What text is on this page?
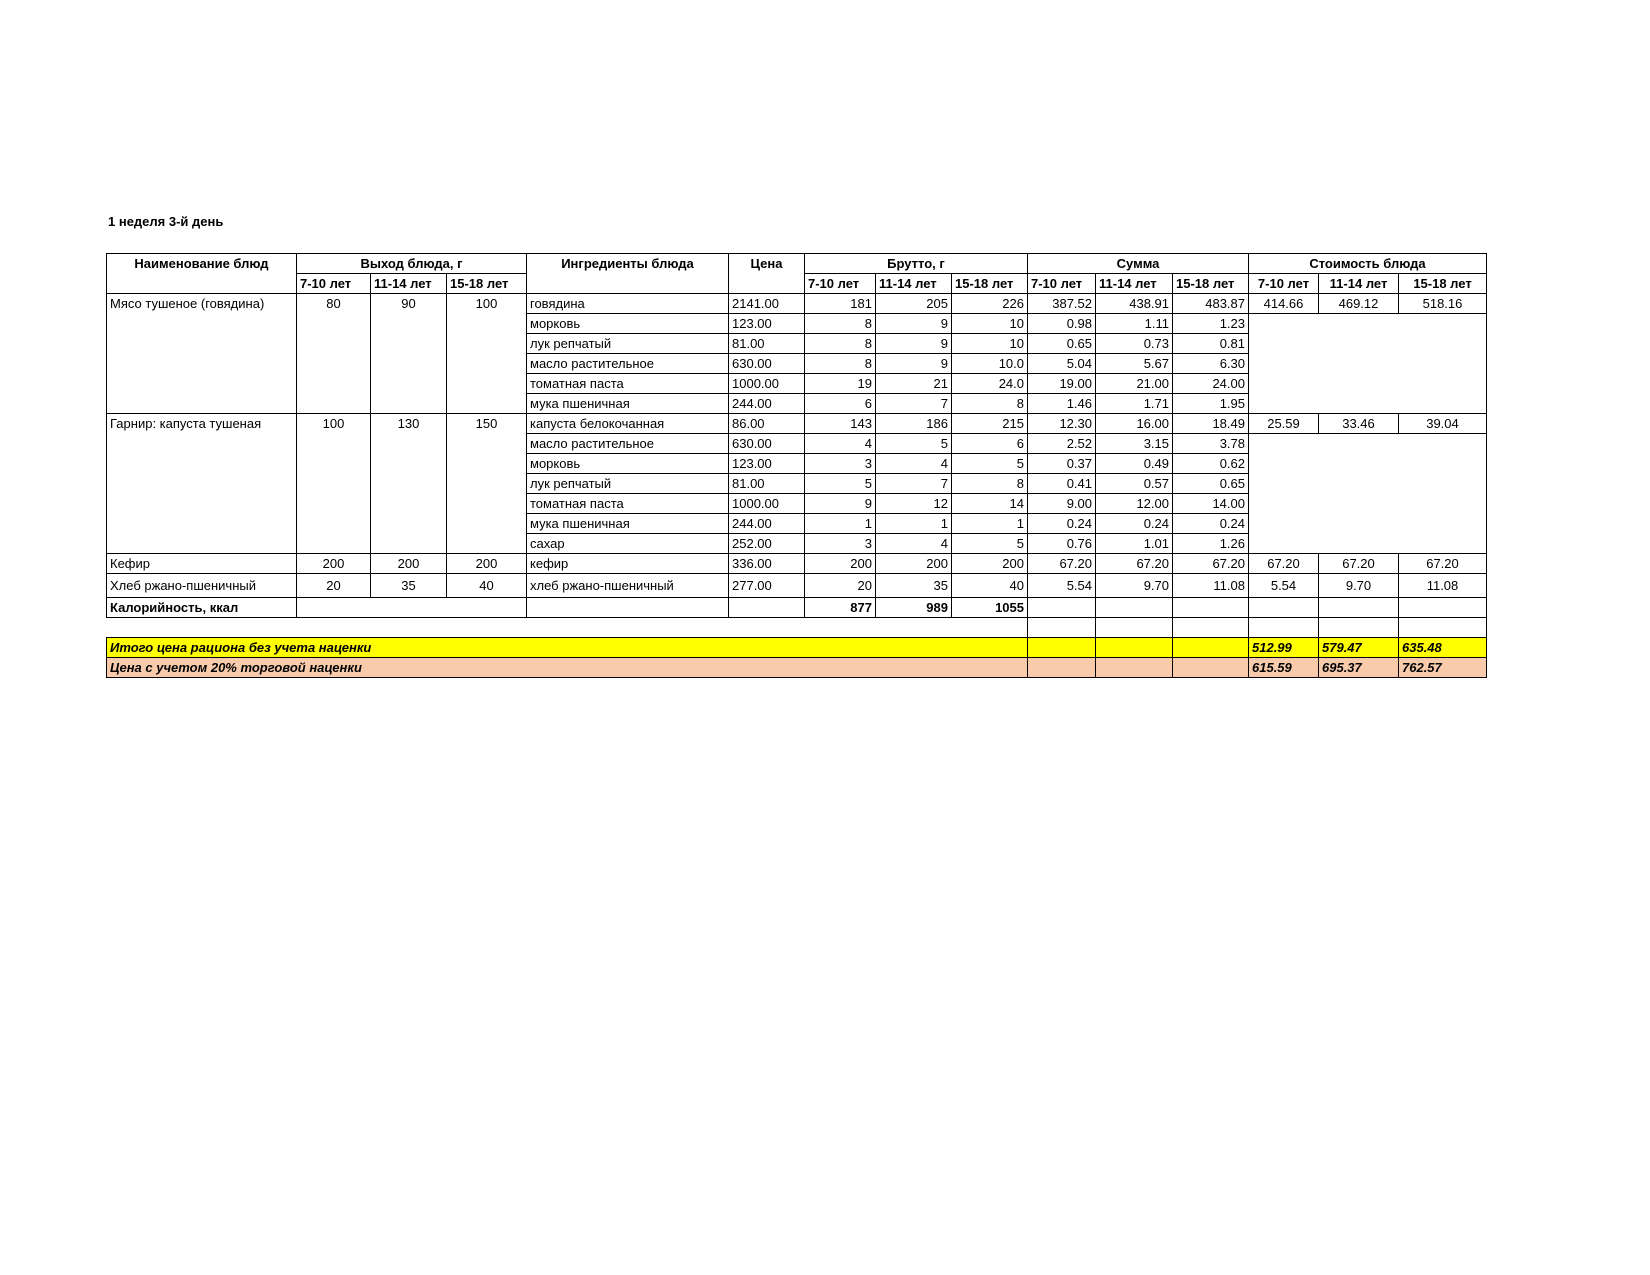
1 неделя 3-й день
Наименование блюд	Выход блюда, г			Ингредиенты блюда	Цена	Брутто, г			Сумма			Стоимость блюда		
	7-10 лет	11-14 лет	15-18 лет			7-10 лет	11-14 лет	15-18 лет	7-10 лет	11-14 лет	15-18 лет	7-10 лет	11-14 лет	15-18 лет
Мясо тушеное (говядина)	80	90	100	говядина	2141.00	181	205	226	387.52	438.91	483.87	414.66	469.12	518.16
				морковь	123.00	8	9	10	0.98	1.11	1.23			
				лук репчатый	81.00	8	9	10	0.65	0.73	0.81			
				масло растительное	630.00	8	9	10.0	5.04	5.67	6.30			
				томатная паста	1000.00	19	21	24.0	19.00	21.00	24.00			
				мука пшеничная	244.00	6	7	8	1.46	1.71	1.95			
Гарнир: капуста тушеная	100	130	150	капуста белокочанная	86.00	143	186	215	12.30	16.00	18.49	25.59	33.46	39.04
				масло растительное	630.00	4	5	6	2.52	3.15	3.78			
				морковь	123.00	3	4	5	0.37	0.49	0.62			
				лук репчатый	81.00	5	7	8	0.41	0.57	0.65			
				томатная паста	1000.00	9	12	14	9.00	12.00	14.00			
				мука пшеничная	244.00	1	1	1	0.24	0.24	0.24			
				сахар	252.00	3	4	5	0.76	1.01	1.26			
Кефир	200	200	200	кефир	336.00	200	200	200	67.20	67.20	67.20	67.20	67.20	67.20
Хлеб ржано-пшеничный	20	35	40	хлеб ржано-пшеничный	277.00	20	35	40	5.54	9.70	11.08	5.54	9.70	11.08
Калорийность, ккал						877	989	1055						

Итого цена рациона без учета наценки												512.99	579.47	635.48
Цена с учетом 20% торговой наценки												615.59	695.37	762.57
